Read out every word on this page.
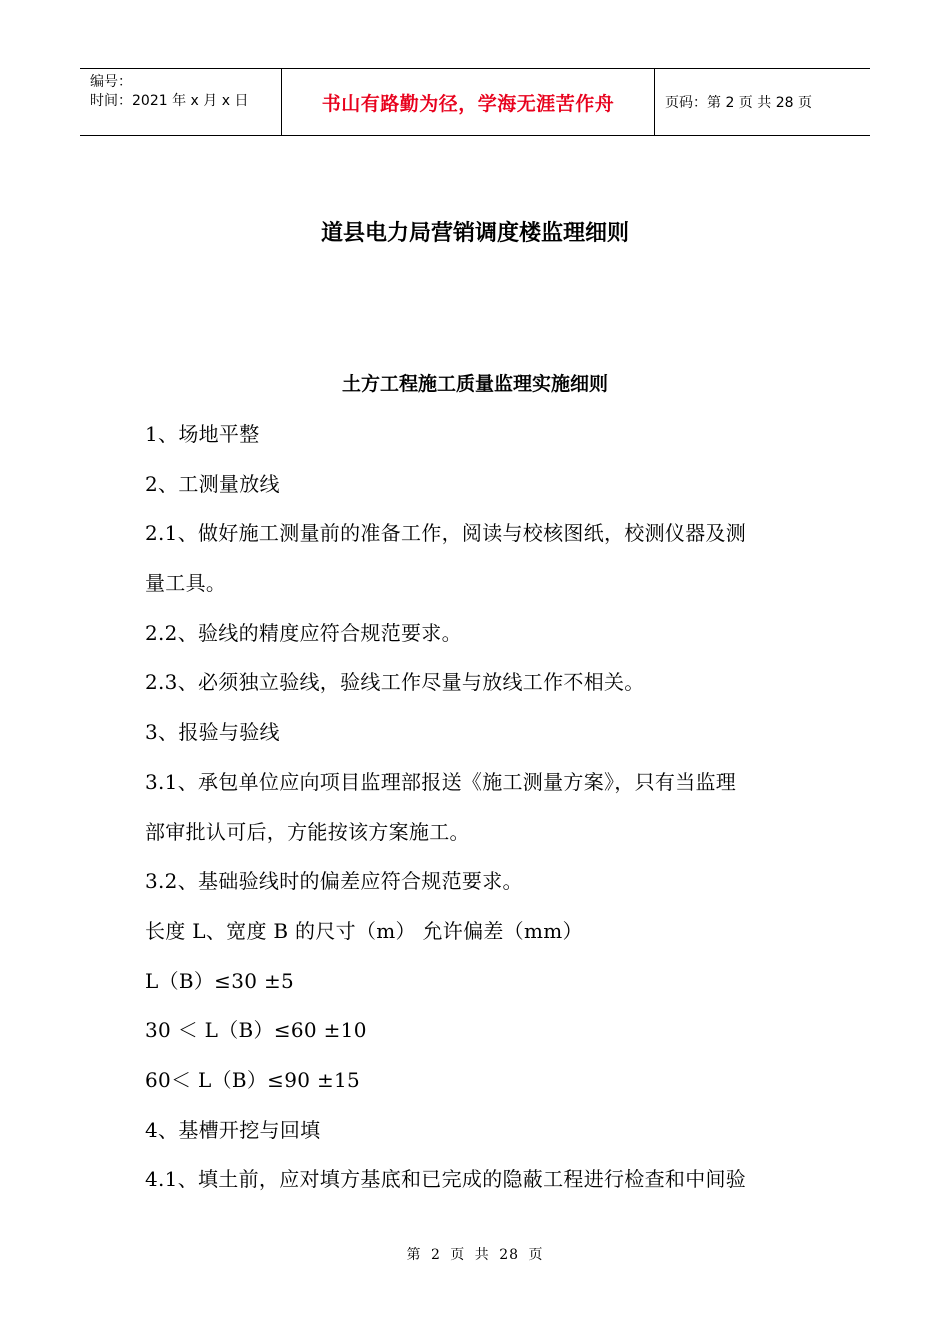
编号：
时间：2021 年 x 月 x 日	书山有路勤为径，学海无涯苦作舟	页码：第 2 页 共 28 页
道县电力局营销调度楼监理细则
土方工程施工质量监理实施细则
1、场地平整
2、工测量放线
2.1、做好施工测量前的准备工作，阅读与校核图纸，校测仪器及测
量工具。
2.2、验线的精度应符合规范要求。
2.3、必须独立验线，验线工作尽量与放线工作不相关。
3、报验与验线
3.1、承包单位应向项目监理部报送《施工测量方案》，只有当监理
部审批认可后，方能按该方案施工。
3.2、基础验线时的偏差应符合规范要求。
长度 L、宽度 B 的尺寸（m） 允许偏差（mm）
L（B）≤30 ±5
30 ＜ L（B）≤60 ±10
60＜ L（B）≤90 ±15
4、基槽开挖与回填
4.1、填土前，应对填方基底和已完成的隐蔽工程进行检查和中间验
第 2 页 共 28 页
